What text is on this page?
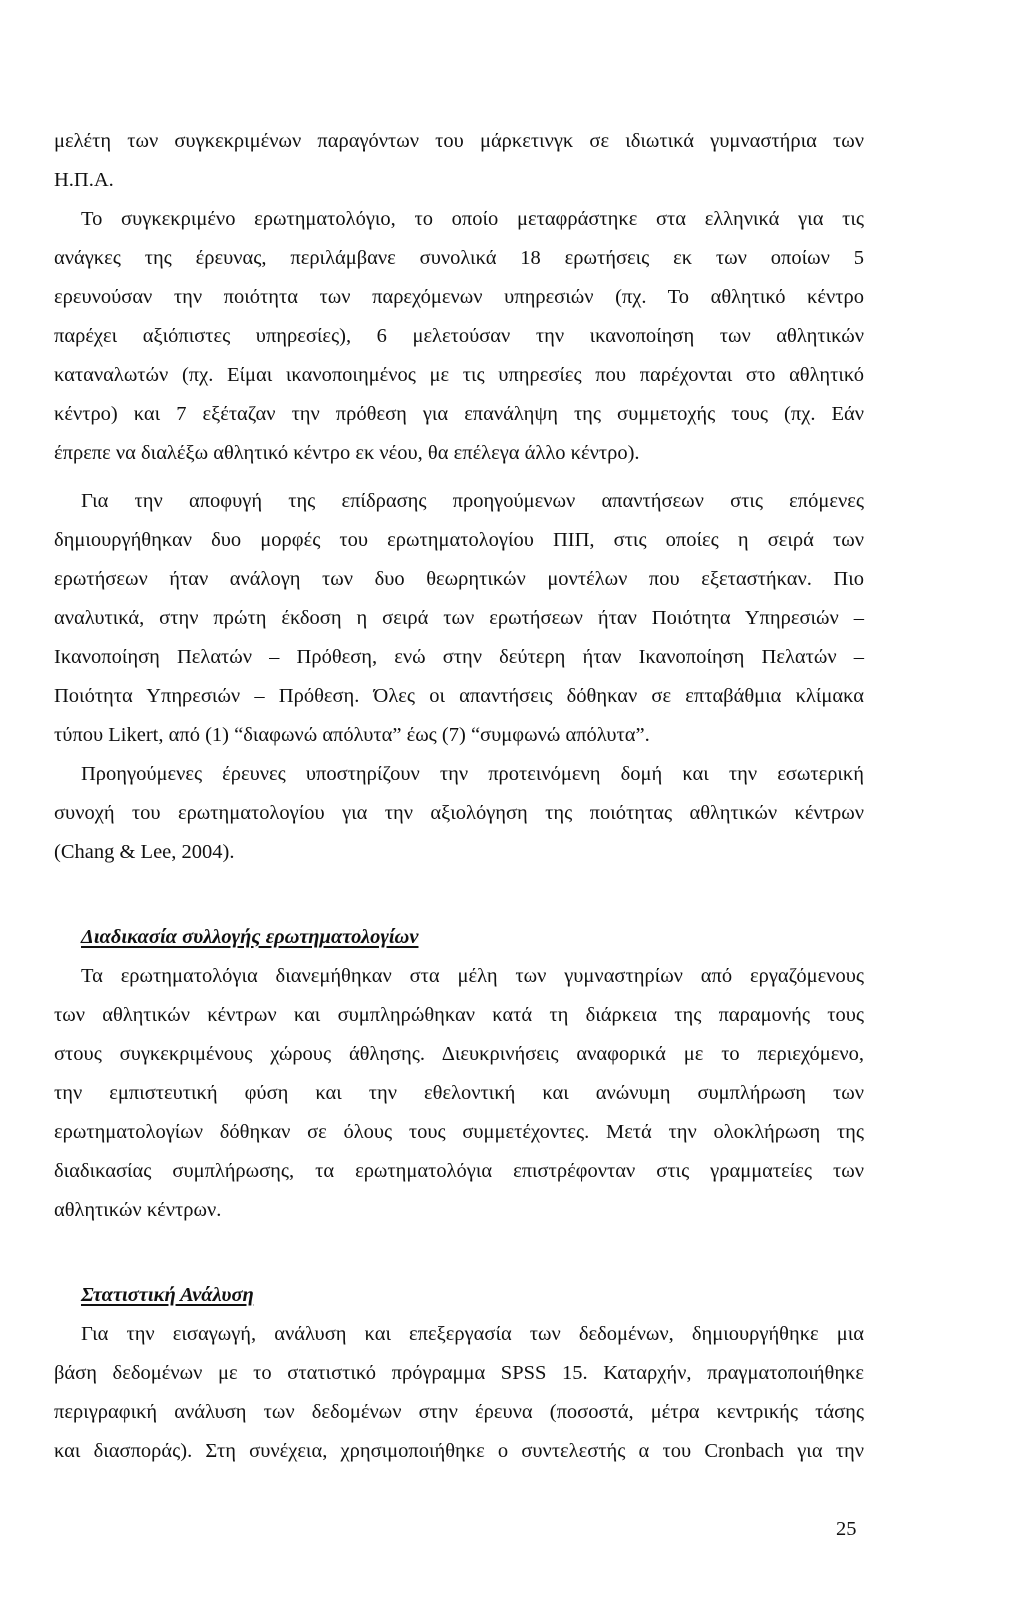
μελέτη των συγκεκριμένων παραγόντων του μάρκετινγκ σε ιδιωτικά γυμναστήρια των
Η.Π.Α.
Το συγκεκριμένο ερωτηματολόγιο, το οποίο μεταφράστηκε στα ελληνικά για τις
ανάγκες της έρευνας, περιλάμβανε συνολικά 18 ερωτήσεις εκ των οποίων 5
ερευνούσαν την ποιότητα των παρεχόμενων υπηρεσιών (πχ. Το αθλητικό κέντρο
παρέχει αξιόπιστες υπηρεσίες), 6 μελετούσαν την ικανοποίηση των αθλητικών
καταναλωτών (πχ. Είμαι ικανοποιημένος με τις υπηρεσίες που παρέχονται στο αθλητικό
κέντρο) και 7 εξέταζαν την πρόθεση για επανάληψη της συμμετοχής τους (πχ. Εάν
έπρεπε να διαλέξω αθλητικό κέντρο εκ νέου, θα επέλεγα άλλο κέντρο).
Για την αποφυγή της επίδρασης προηγούμενων απαντήσεων στις επόμενες
δημιουργήθηκαν δυο μορφές του ερωτηματολογίου ΠΙΠ, στις οποίες η σειρά των
ερωτήσεων ήταν ανάλογη των δυο θεωρητικών μοντέλων που εξεταστήκαν. Πιο
αναλυτικά, στην πρώτη έκδοση η σειρά των ερωτήσεων ήταν Ποιότητα Υπηρεσιών –
Ικανοποίηση Πελατών – Πρόθεση, ενώ στην δεύτερη ήταν Ικανοποίηση Πελατών –
Ποιότητα Υπηρεσιών – Πρόθεση. Όλες οι απαντήσεις δόθηκαν σε επταβάθμια κλίμακα
τύπου Likert, από (1) “διαφωνώ απόλυτα” έως (7) “συμφωνώ απόλυτα”.
Προηγούμενες έρευνες υποστηρίζουν την προτεινόμενη δομή και την εσωτερική
συνοχή του ερωτηματολογίου για την αξιολόγηση της ποιότητας αθλητικών κέντρων
(Chang & Lee, 2004).
Διαδικασία συλλογής ερωτηματολογίων
Τα ερωτηματολόγια διανεμήθηκαν στα μέλη των γυμναστηρίων από εργαζόμενους
των αθλητικών κέντρων και συμπληρώθηκαν κατά τη διάρκεια της παραμονής τους
στους συγκεκριμένους χώρους άθλησης. Διευκρινήσεις αναφορικά με το περιεχόμενο,
την εμπιστευτική φύση και την εθελοντική και ανώνυμη συμπλήρωση των
ερωτηματολογίων δόθηκαν σε όλους τους συμμετέχοντες. Μετά την ολοκλήρωση της
διαδικασίας συμπλήρωσης, τα ερωτηματολόγια επιστρέφονταν στις γραμματείες των
αθλητικών κέντρων.
Στατιστική Ανάλυση
Για την εισαγωγή, ανάλυση και επεξεργασία των δεδομένων, δημιουργήθηκε μια
βάση δεδομένων με το στατιστικό πρόγραμμα SPSS 15. Καταρχήν, πραγματοποιήθηκε
περιγραφική ανάλυση των δεδομένων στην έρευνα (ποσοστά, μέτρα κεντρικής τάσης
και διασποράς). Στη συνέχεια, χρησιμοποιήθηκε ο συντελεστής α του Cronbach για την
25
